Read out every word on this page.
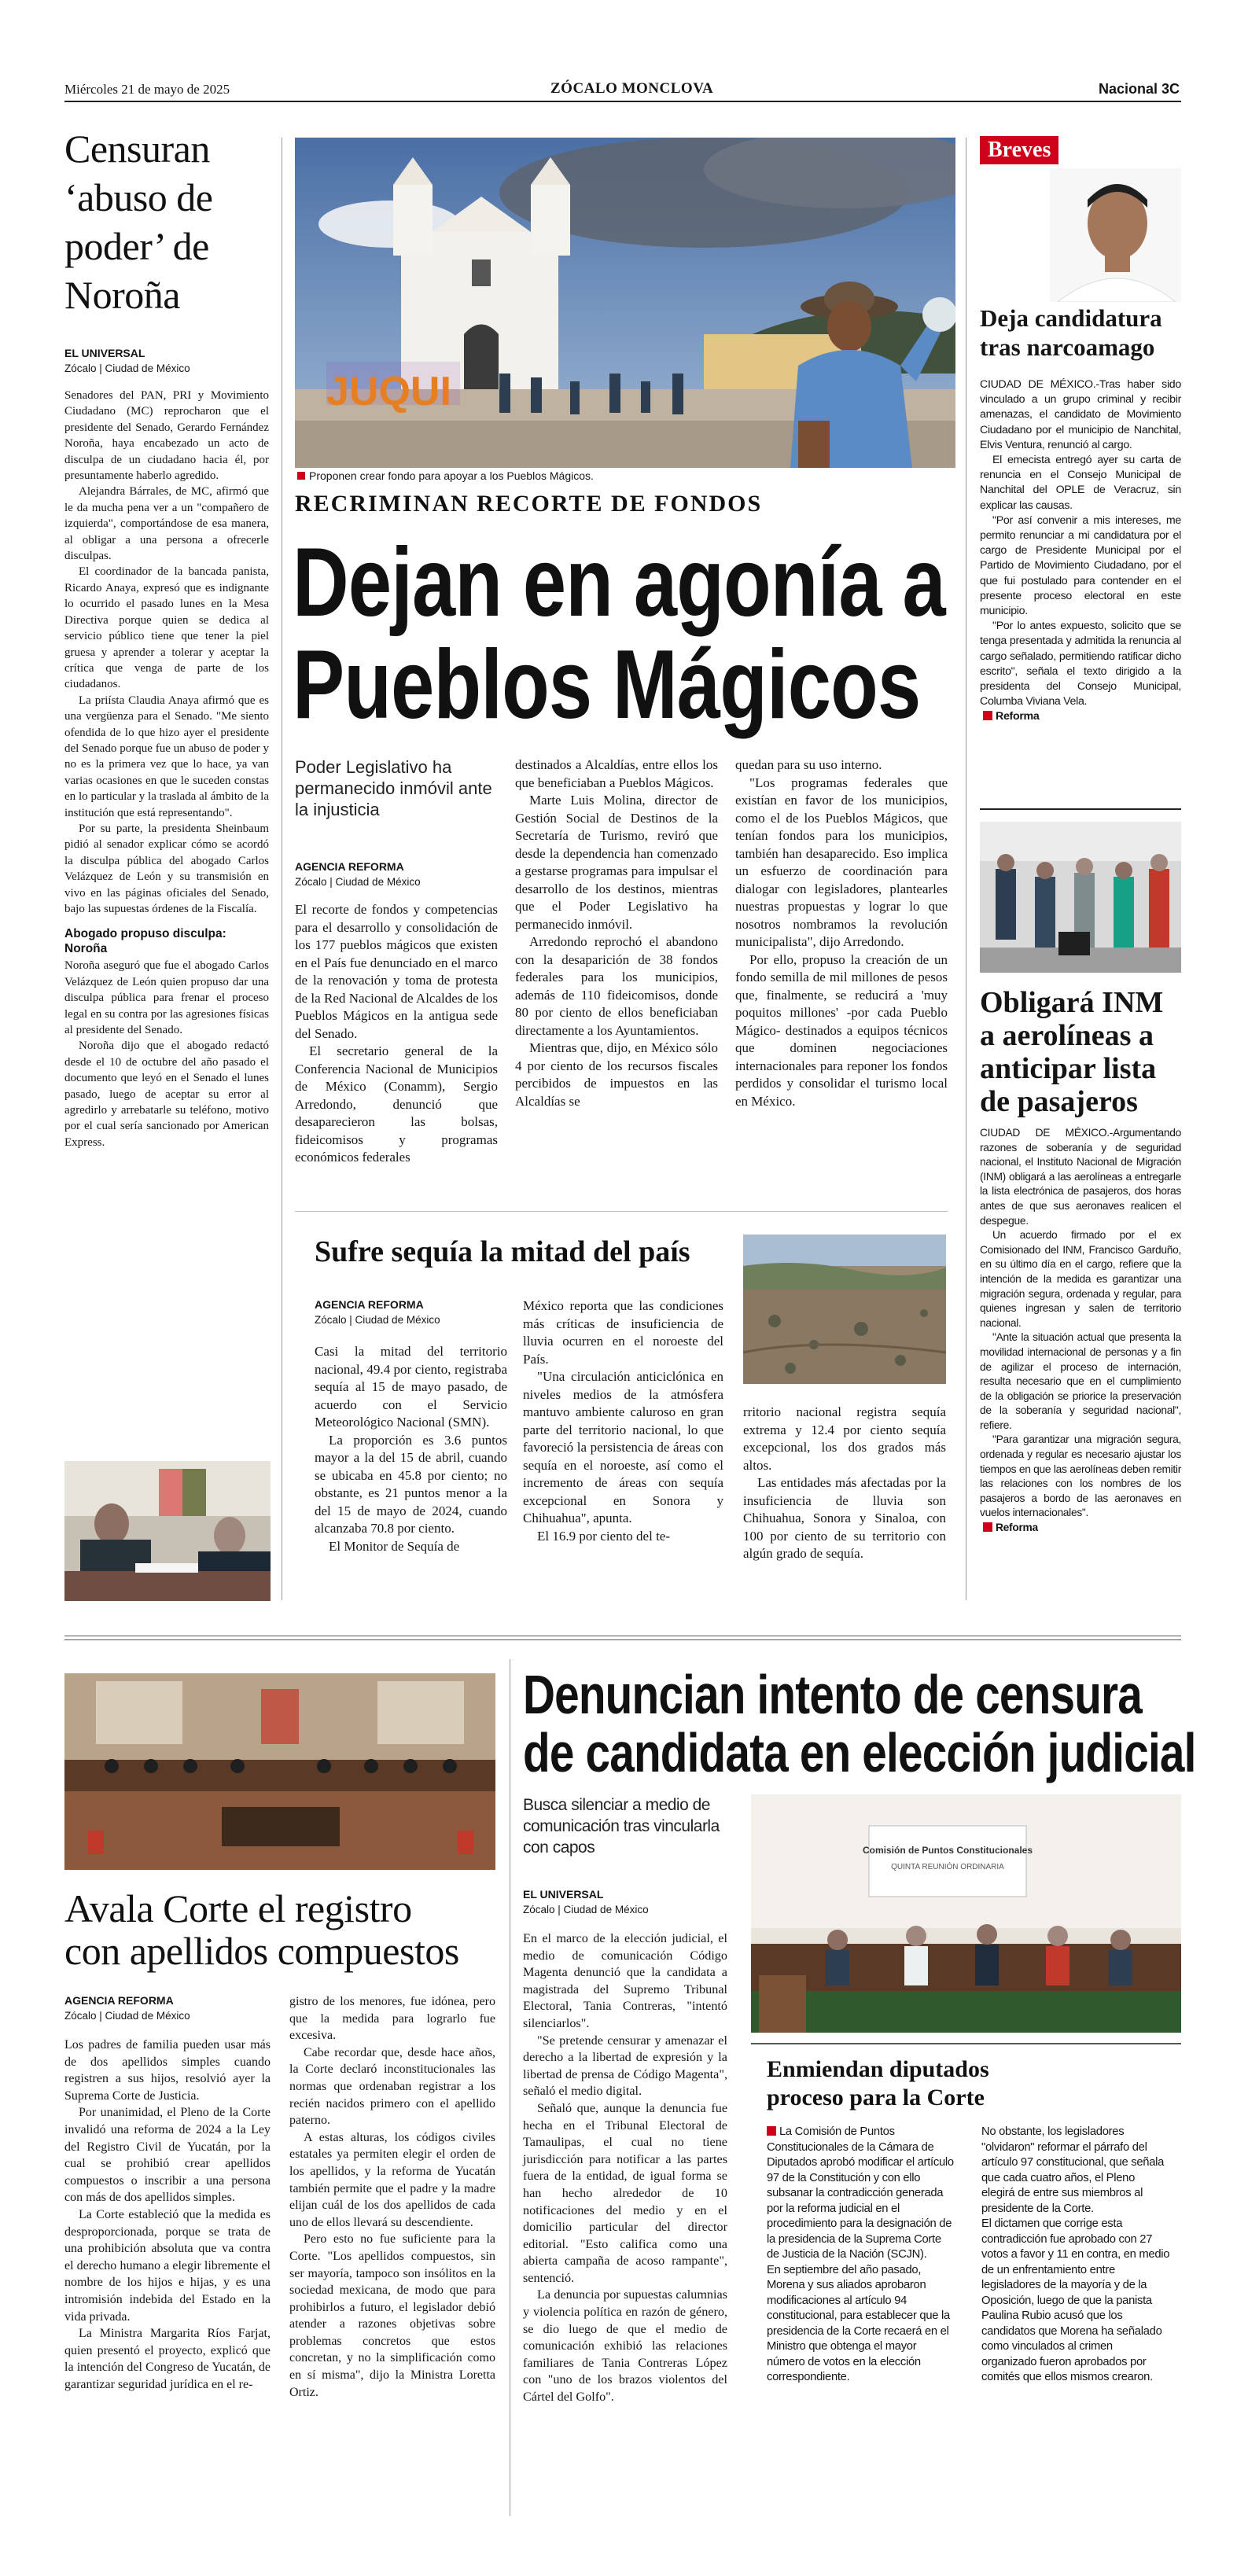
Miércoles 21 de mayo de 2025	ZÓCALO MONCLOVA	Nacional 3C
Censuran
‘abuso de
poder’ de
Noroña
EL UNIVERSAL
Zócalo | Ciudad de México

Senadores del PAN, PRI y Movimiento Ciudadano (MC) reprocharon que el presidente del Senado, Gerardo Fernández Noroña, haya encabezado un acto de disculpa de un ciudadano hacia él, por presuntamente haberlo agredido.

Alejandra Bárrales, de MC, afirmó que le da mucha pena ver a un "compañero de izquierda", comportándose de esa manera, al obligar a una persona a ofrecerle disculpas.

El coordinador de la bancada panista, Ricardo Anaya, expresó que es indignante lo ocurrido el pasado lunes en la Mesa Directiva porque quien se dedica al servicio público tiene que tener la piel gruesa y aprender a tolerar y aceptar la crítica que venga de parte de los ciudadanos.

La priísta Claudia Anaya afirmó que es una vergüenza para el Senado. "Me siento ofendida de lo que hizo ayer el presidente del Senado porque fue un abuso de poder y no es la primera vez que lo hace, ya van varias ocasiones en que le suceden constas en lo particular y la traslada al ámbito de la institución que está representando".

Por su parte, la presidenta Sheinbaum pidió al senador explicar cómo se acordó la disculpa pública del abogado Carlos Velázquez de León y su transmisión en vivo en las páginas oficiales del Senado, bajo las supuestas órdenes de la Fiscalía.

Abogado propuso disculpa: Noroña

Noroña aseguró que fue el abogado Carlos Velázquez de León quien propuso dar una disculpa pública para frenar el proceso legal en su contra por las agresiones físicas al presidente del Senado.

Noroña dijo que el abogado redactó desde el 10 de octubre del año pasado el documento que leyó en el Senado el lunes pasado, luego de aceptar su error al agredirlo y arrebatarle su teléfono, motivo por el cual sería sancionado por American Express.

JUQUI
Proponen crear fondo para apoyar a los Pueblos Mágicos.
RECRIMINAN RECORTE DE FONDOS
Dejan en agonía a
Pueblos Mágicos
Poder Legislativo ha permanecido inmóvil ante la injusticia
AGENCIA REFORMA
Zócalo | Ciudad de México

El recorte de fondos y competencias para el desarrollo y consolidación de los 177 pueblos mágicos que existen en el País fue denunciado en el marco de la renovación y toma de protesta de la Red Nacional de Alcaldes de los Pueblos Mágicos en la antigua sede del Senado.

El secretario general de la Conferencia Nacional de Municipios de México (Conamm), Sergio Arredondo, denunció que desaparecieron las bolsas, fideicomisos y programas económicos federales

destinados a Alcaldías, entre ellos los que beneficiaban a Pueblos Mágicos.

Marte Luis Molina, director de Gestión Social de Destinos de la Secretaría de Turismo, reviró que desde la dependencia han comenzado a gestarse programas para impulsar el desarrollo de los destinos, mientras que el Poder Legislativo ha permanecido inmóvil.

Arredondo reprochó el abandono con la desaparición de 38 fondos federales para los municipios, además de 110 fideicomisos, donde 80 por ciento de ellos beneficiaban directamente a los Ayuntamientos.

Mientras que, dijo, en México sólo 4 por ciento de los recursos fiscales percibidos de impuestos en las Alcaldías se

quedan para su uso interno.

"Los programas federales que existían en favor de los municipios, como el de los Pueblos Mágicos, que tenían fondos para los municipios, también han desaparecido. Eso implica un esfuerzo de coordinación para dialogar con legisladores, plantearles nuestras propuestas y lograr lo que nosotros nombramos la revolución municipalista", dijo Arredondo.

Por ello, propuso la creación de un fondo semilla de mil millones de pesos que, finalmente, se reducirá a 'muy poquitos millones' -por cada Pueblo Mágico- destinados a equipos técnicos que dominen negociaciones internacionales para reponer los fondos perdidos y consolidar el turismo local en México.

Sufre sequía la mitad del país
AGENCIA REFORMA
Zócalo | Ciudad de México

Casi la mitad del territorio nacional, 49.4 por ciento, registraba sequía al 15 de mayo pasado, de acuerdo con el Servicio Meteorológico Nacional (SMN).

La proporción es 3.6 puntos mayor a la del 15 de abril, cuando se ubicaba en 45.8 por ciento; no obstante, es 21 puntos menor a la del 15 de mayo de 2024, cuando alcanzaba 70.8 por ciento.

El Monitor de Sequía de

México reporta que las condiciones más críticas de insuficiencia de lluvia ocurren en el noroeste del País.

"Una circulación anticiclónica en niveles medios de la atmósfera mantuvo ambiente caluroso en gran parte del territorio nacional, lo que favoreció la persistencia de áreas con sequía en el noroeste, así como el incremento de áreas con sequía excepcional en Sonora y Chihuahua", apunta.

El 16.9 por ciento del te-

rritorio nacional registra sequía extrema y 12.4 por ciento sequía excepcional, los dos grados más altos.

Las entidades más afectadas por la insuficiencia de lluvia son Chihuahua, Sonora y Sinaloa, con 100 por ciento de su territorio con algún grado de sequía.

Breves
Deja candidatura tras narcoamago

CIUDAD DE MÉXICO.-Tras haber sido vinculado a un grupo criminal y recibir amenazas, el candidato de Movimiento Ciudadano por el municipio de Nanchital, Elvis Ventura, renunció al cargo.

El emecista entregó ayer su carta de renuncia en el Consejo Municipal de Nanchital del OPLE de Veracruz, sin explicar las causas.

"Por así convenir a mis intereses, me permito renunciar a mi candidatura por el cargo de Presidente Municipal por el Partido de Movimiento Ciudadano, por el que fui postulado para contender en el presente proceso electoral en este municipio.

"Por lo antes expuesto, solicito que se tenga presentada y admitida la renuncia al cargo señalado, permitiendo ratificar dicho escrito", señala el texto dirigido a la presidenta del Consejo Municipal, Columba Viviana Vela.

Reforma
Obligará INM
a aerolíneas a
anticipar lista
de pasajeros

CIUDAD DE MÉXICO.-Argumentando razones de soberanía y de seguridad nacional, el Instituto Nacional de Migración (INM) obligará a las aerolíneas a entregarle la lista electrónica de pasajeros, dos horas antes de que sus aeronaves realicen el despegue.

Un acuerdo firmado por el ex Comisionado del INM, Francisco Garduño, en su último día en el cargo, refiere que la intención de la medida es garantizar una migración segura, ordenada y regular, para quienes ingresan y salen de territorio nacional.

"Ante la situación actual que presenta la movilidad internacional de personas y a fin de agilizar el proceso de internación, resulta necesario que en el cumplimiento de la obligación se priorice la preservación de la soberanía y seguridad nacional", refiere.

"Para garantizar una migración segura, ordenada y regular es necesario ajustar los tiempos en que las aerolíneas deben remitir las relaciones con los nombres de los pasajeros a bordo de las aeronaves en vuelos internacionales".

Reforma
Avala Corte el registro
con apellidos compuestos
AGENCIA REFORMA
Zócalo | Ciudad de México

Los padres de familia pueden usar más de dos apellidos simples cuando registren a sus hijos, resolvió ayer la Suprema Corte de Justicia.

Por unanimidad, el Pleno de la Corte invalidó una reforma de 2024 a la Ley del Registro Civil de Yucatán, por la cual se prohibió crear apellidos compuestos o inscribir a una persona con más de dos apellidos simples.

La Corte estableció que la medida es desproporcionada, porque se trata de una prohibición absoluta que va contra el derecho humano a elegir libremente el nombre de los hijos e hijas, y es una intromisión indebida del Estado en la vida privada.

La Ministra Margarita Ríos Farjat, quien presentó el proyecto, explicó que la intención del Congreso de Yucatán, de garantizar seguridad jurídica en el re-

gistro de los menores, fue idónea, pero que la medida para lograrlo fue excesiva.

Cabe recordar que, desde hace años, la Corte declaró inconstitucionales las normas que ordenaban registrar a los recién nacidos primero con el apellido paterno.

A estas alturas, los códigos civiles estatales ya permiten elegir el orden de los apellidos, y la reforma de Yucatán también permite que el padre y la madre elijan cuál de los dos apellidos de cada uno de ellos llevará su descendiente.

Pero esto no fue suficiente para la Corte. "Los apellidos compuestos, sin ser mayoría, tampoco son insólitos en la sociedad mexicana, de modo que para prohibirlos a futuro, el legislador debió atender a razones objetivas sobre problemas concretos que estos concretan, y no la simplificación como en sí misma", dijo la Ministra Loretta Ortiz.

Denuncian intento de censura
de candidata en elección judicial
Busca silenciar a medio de comunicación tras vincularla con capos
EL UNIVERSAL
Zócalo | Ciudad de México

En el marco de la elección judicial, el medio de comunicación Código Magenta denunció que la candidata a magistrada del Supremo Tribunal Electoral, Tania Contreras, "intentó silenciarlos".

"Se pretende censurar y amenazar el derecho a la libertad de expresión y la libertad de prensa de Código Magenta", señaló el medio digital.

Señaló que, aunque la denuncia fue hecha en el Tribunal Electoral de Tamaulipas, el cual no tiene jurisdicción para notificar a las partes fuera de la entidad, de igual forma se han hecho alrededor de 10 notificaciones del medio y en el domicilio particular del director editorial. "Esto califica como una abierta campaña de acoso rampante", sentenció.

La denuncia por supuestas calumnias y violencia política en razón de género, se dio luego de que el medio de comunicación exhibió las relaciones familiares de Tania Contreras López con "uno de los brazos violentos del Cártel del Golfo".

Comisión de Puntos Constitucionales
QUINTA REUNIÓN ORDINARIA
Enmiendan diputados
proceso para la Corte

La Comisión de Puntos Constitucionales de la Cámara de Diputados aprobó modificar el artículo 97 de la Constitución y con ello subsanar la contradicción generada por la reforma judicial en el procedimiento para la designación de la presidencia de la Suprema Corte de Justicia de la Nación (SCJN).

En septiembre del año pasado, Morena y sus aliados aprobaron modificaciones al artículo 94 constitucional, para establecer que la presidencia de la Corte recaerá en el Ministro que obtenga el mayor número de votos en la elección correspondiente.

No obstante, los legisladores "olvidaron" reformar el párrafo del artículo 97 constitucional, que señala que cada cuatro años, el Pleno elegirá de entre sus miembros al presidente de la Corte.

El dictamen que corrige esta contradicción fue aprobado con 27 votos a favor y 11 en contra, en medio de un enfrentamiento entre legisladores de la mayoría y de la Oposición, luego de que la panista Paulina Rubio acusó que los candidatos que Morena ha señalado como vinculados al crimen organizado fueron aprobados por comités que ellos mismos crearon.
